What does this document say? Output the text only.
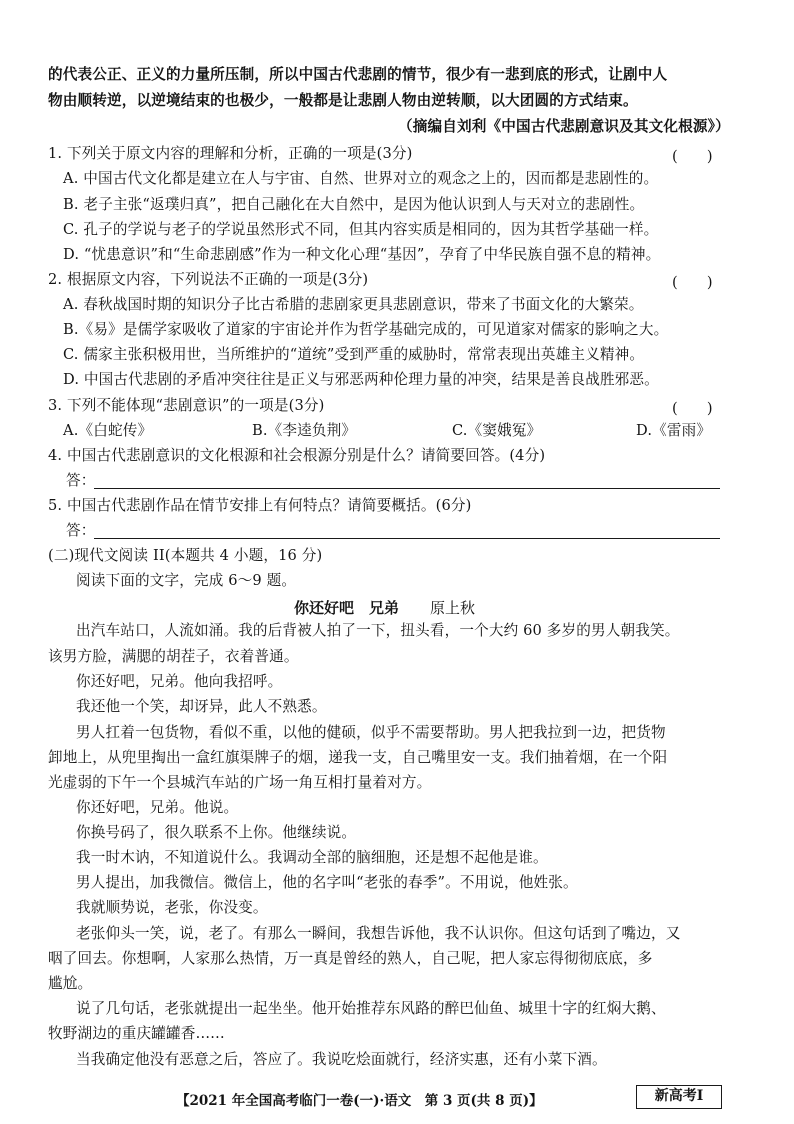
的代表公正、正义的力量所压制，所以中国古代悲剧的情节，很少有一悲到底的形式，让剧中人
物由顺转逆，以逆境结束的也极少，一般都是让悲剧人物由逆转顺，以大团圆的方式结束。
（摘编自刘利《中国古代悲剧意识及其文化根源》）
1. 下列关于原文内容的理解和分析，正确的一项是(3分)	(　　)
A. 中国古代文化都是建立在人与宇宙、自然、世界对立的观念之上的，因而都是悲剧性的。
B. 老子主张“返璞归真”，把自己融化在大自然中，是因为他认识到人与天对立的悲剧性。
C. 孔子的学说与老子的学说虽然形式不同，但其内容实质是相同的，因为其哲学基础一样。
D. “忧患意识”和“生命悲剧感”作为一种文化心理“基因”，孕育了中华民族自强不息的精神。
2. 根据原文内容，下列说法不正确的一项是(3分)	(　　)
A. 春秋战国时期的知识分子比古希腊的悲剧家更具悲剧意识，带来了书面文化的大繁荣。
B.《易》是儒学家吸收了道家的宇宙论并作为哲学基础完成的，可见道家对儒家的影响之大。
C. 儒家主张积极用世，当所维护的“道统”受到严重的威胁时，常常表现出英雄主义精神。
D. 中国古代悲剧的矛盾冲突往往是正义与邪恶两种伦理力量的冲突，结果是善良战胜邪恶。
3. 下列不能体现“悲剧意识”的一项是(3分)	(　　)
A.《白蛇传》	B.《李逵负荆》	C.《窦娥冤》	D.《雷雨》
4. 中国古代悲剧意识的文化根源和社会根源分别是什么？请简要回答。(4分)
答：
5. 中国古代悲剧作品在情节安排上有何特点？请简要概括。(6分)
答：
(二)现代文阅读 II(本题共 4 小题，16 分)
阅读下面的文字，完成 6～9 题。
你还好吧　兄弟 原上秋
出汽车站口，人流如涌。我的后背被人拍了一下，扭头看，一个大约 60 多岁的男人朝我笑。
该男方脸，满腮的胡茬子，衣着普通。
你还好吧，兄弟。他向我招呼。
我还他一个笑，却讶异，此人不熟悉。
男人扛着一包货物，看似不重，以他的健硕，似乎不需要帮助。男人把我拉到一边，把货物
卸地上，从兜里掏出一盒红旗渠牌子的烟，递我一支，自己嘴里安一支。我们抽着烟，在一个阳
光虚弱的下午一个县城汽车站的广场一角互相打量着对方。
你还好吧，兄弟。他说。
你换号码了，很久联系不上你。他继续说。
我一时木讷，不知道说什么。我调动全部的脑细胞，还是想不起他是谁。
男人提出，加我微信。微信上，他的名字叫“老张的春季”。不用说，他姓张。
我就顺势说，老张，你没变。
老张仰头一笑，说，老了。有那么一瞬间，我想告诉他，我不认识你。但这句话到了嘴边，又
咽了回去。你想啊，人家那么热情，万一真是曾经的熟人，自己呢，把人家忘得彻彻底底，多
尴尬。
说了几句话，老张就提出一起坐坐。他开始推荐东风路的醉巴仙鱼、城里十字的红焖大鹅、
牧野湖边的重庆罐罐香……
当我确定他没有恶意之后，答应了。我说吃烩面就行，经济实惠，还有小菜下酒。
【2021 年全国高考临门一卷(一)·语文　第 3 页(共 8 页)】	新高考Ⅰ
